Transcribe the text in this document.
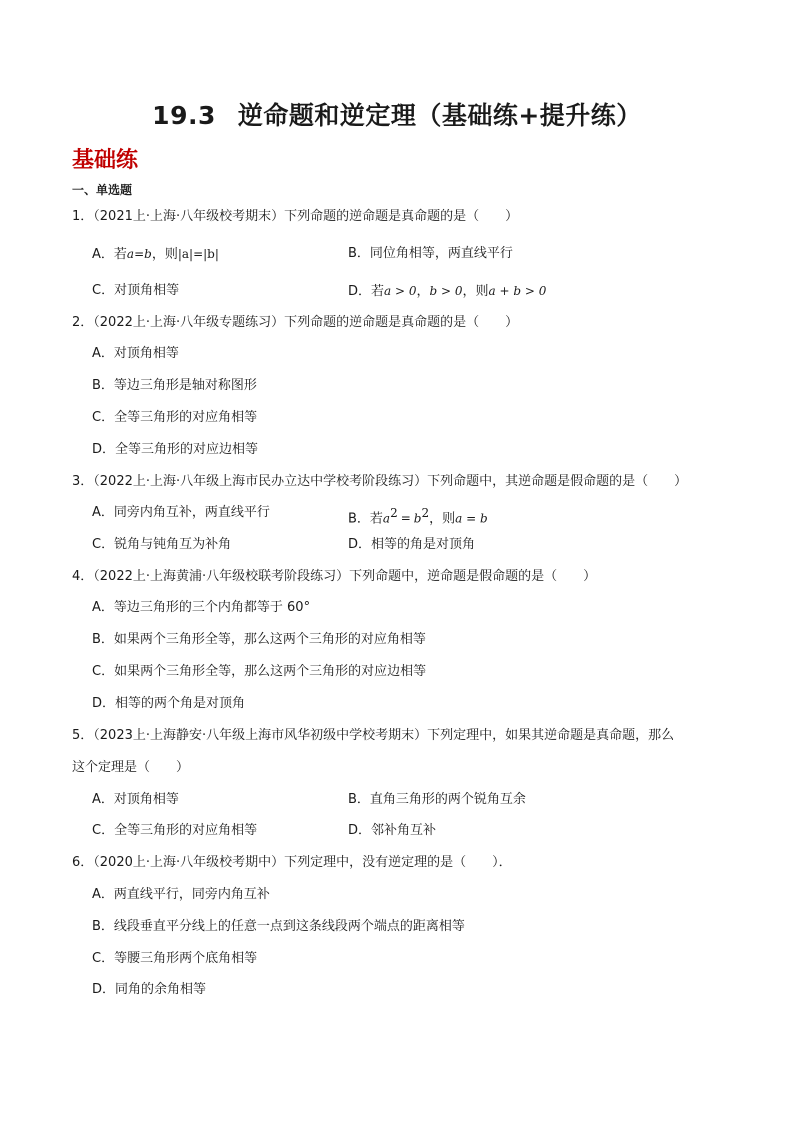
19.3 逆命题和逆定理（基础练+提升练）
基础练
一、单选题
1．（2021上·上海·八年级校考期末）下列命题的逆命题是真命题的是（　　）
A．若a=b，则|a|=|b|	B．同位角相等，两直线平行
C．对顶角相等	D．若a > 0，b > 0，则a + b > 0
2．（2022上·上海·八年级专题练习）下列命题的逆命题是真命题的是（　　）
A．对顶角相等
B．等边三角形是轴对称图形
C．全等三角形的对应角相等
D．全等三角形的对应边相等
3．（2022上·上海·八年级上海市民办立达中学校考阶段练习）下列命题中，其逆命题是假命题的是（　　）
A．同旁内角互补，两直线平行	B．若$a^2 = b^2$，则a = b
C．锐角与钝角互为补角	D．相等的角是对顶角
4．（2022上·上海黄浦·八年级校联考阶段练习）下列命题中，逆命题是假命题的是（　　）
A．等边三角形的三个内角都等于 60°
B．如果两个三角形全等，那么这两个三角形的对应角相等
C．如果两个三角形全等，那么这两个三角形的对应边相等
D．相等的两个角是对顶角
5．（2023上·上海静安·八年级上海市风华初级中学校考期末）下列定理中，如果其逆命题是真命题，那么
这个定理是（　　）
A．对顶角相等	B．直角三角形的两个锐角互余
C．全等三角形的对应角相等	D．邻补角互补
6．（2020上·上海·八年级校考期中）下列定理中，没有逆定理的是（　　）．
A．两直线平行，同旁内角互补
B．线段垂直平分线上的任意一点到这条线段两个端点的距离相等
C．等腰三角形两个底角相等
D．同角的余角相等
